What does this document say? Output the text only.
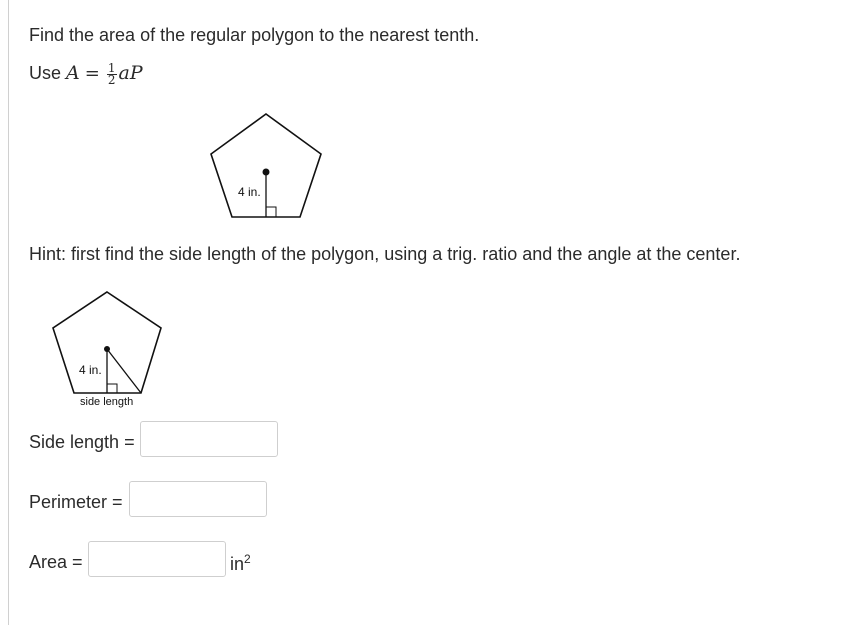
Find the area of the regular polygon to the nearest tenth.
Use $A = \frac{1}{2}$ aP
4 in.
Hint: first find the side length of the polygon, using a trig. ratio and the angle at the center.
4 in.
side length
Side length =
Perimeter =
Area =	$in^2$
